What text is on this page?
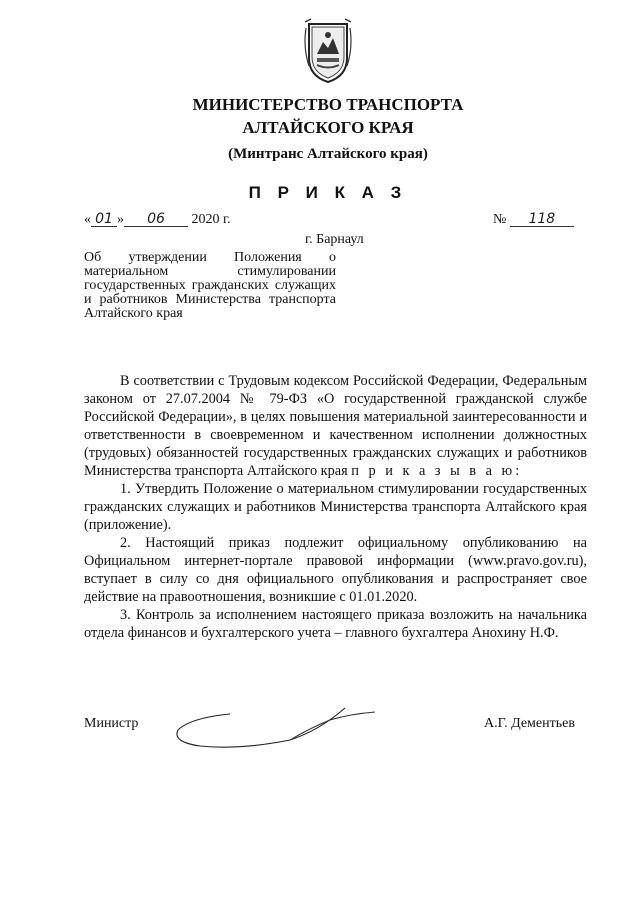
МИНИСТЕРСТВО ТРАНСПОРТА
АЛТАЙСКОГО КРАЯ
(Минтранс Алтайского края)
П Р И К А З
« 01 » 06 2020 г.	№ 118
г. Барнаул
Об утверждении Положения о материальном стимулировании государственных гражданских служащих и работников Министерства транспорта Алтайского края

В соответствии с Трудовым кодексом Российской Федерации, Федеральным законом от 27.07.2004 № 79-ФЗ «О государственной гражданской службе Российской Федерации», в целях повышения материальной заинтересованности и ответственности в своевременном и качественном исполнении должностных (трудовых) обязанностей государственных гражданских служащих и работников Министерства транспорта Алтайского края п р и к а з ы в а ю:

1. Утвердить Положение о материальном стимулировании государственных гражданских служащих и работников Министерства транспорта Алтайского края (приложение).

2. Настоящий приказ подлежит официальному опубликованию на Официальном интернет-портале правовой информации (www.pravo.gov.ru), вступает в силу со дня официального опубликования и распространяет свое действие на правоотношения, возникшие с 01.01.2020.

3. Контроль за исполнением настоящего приказа возложить на начальника отдела финансов и бухгалтерского учета – главного бухгалтера Анохину Н.Ф.

Министр	А.Г. Дементьев
